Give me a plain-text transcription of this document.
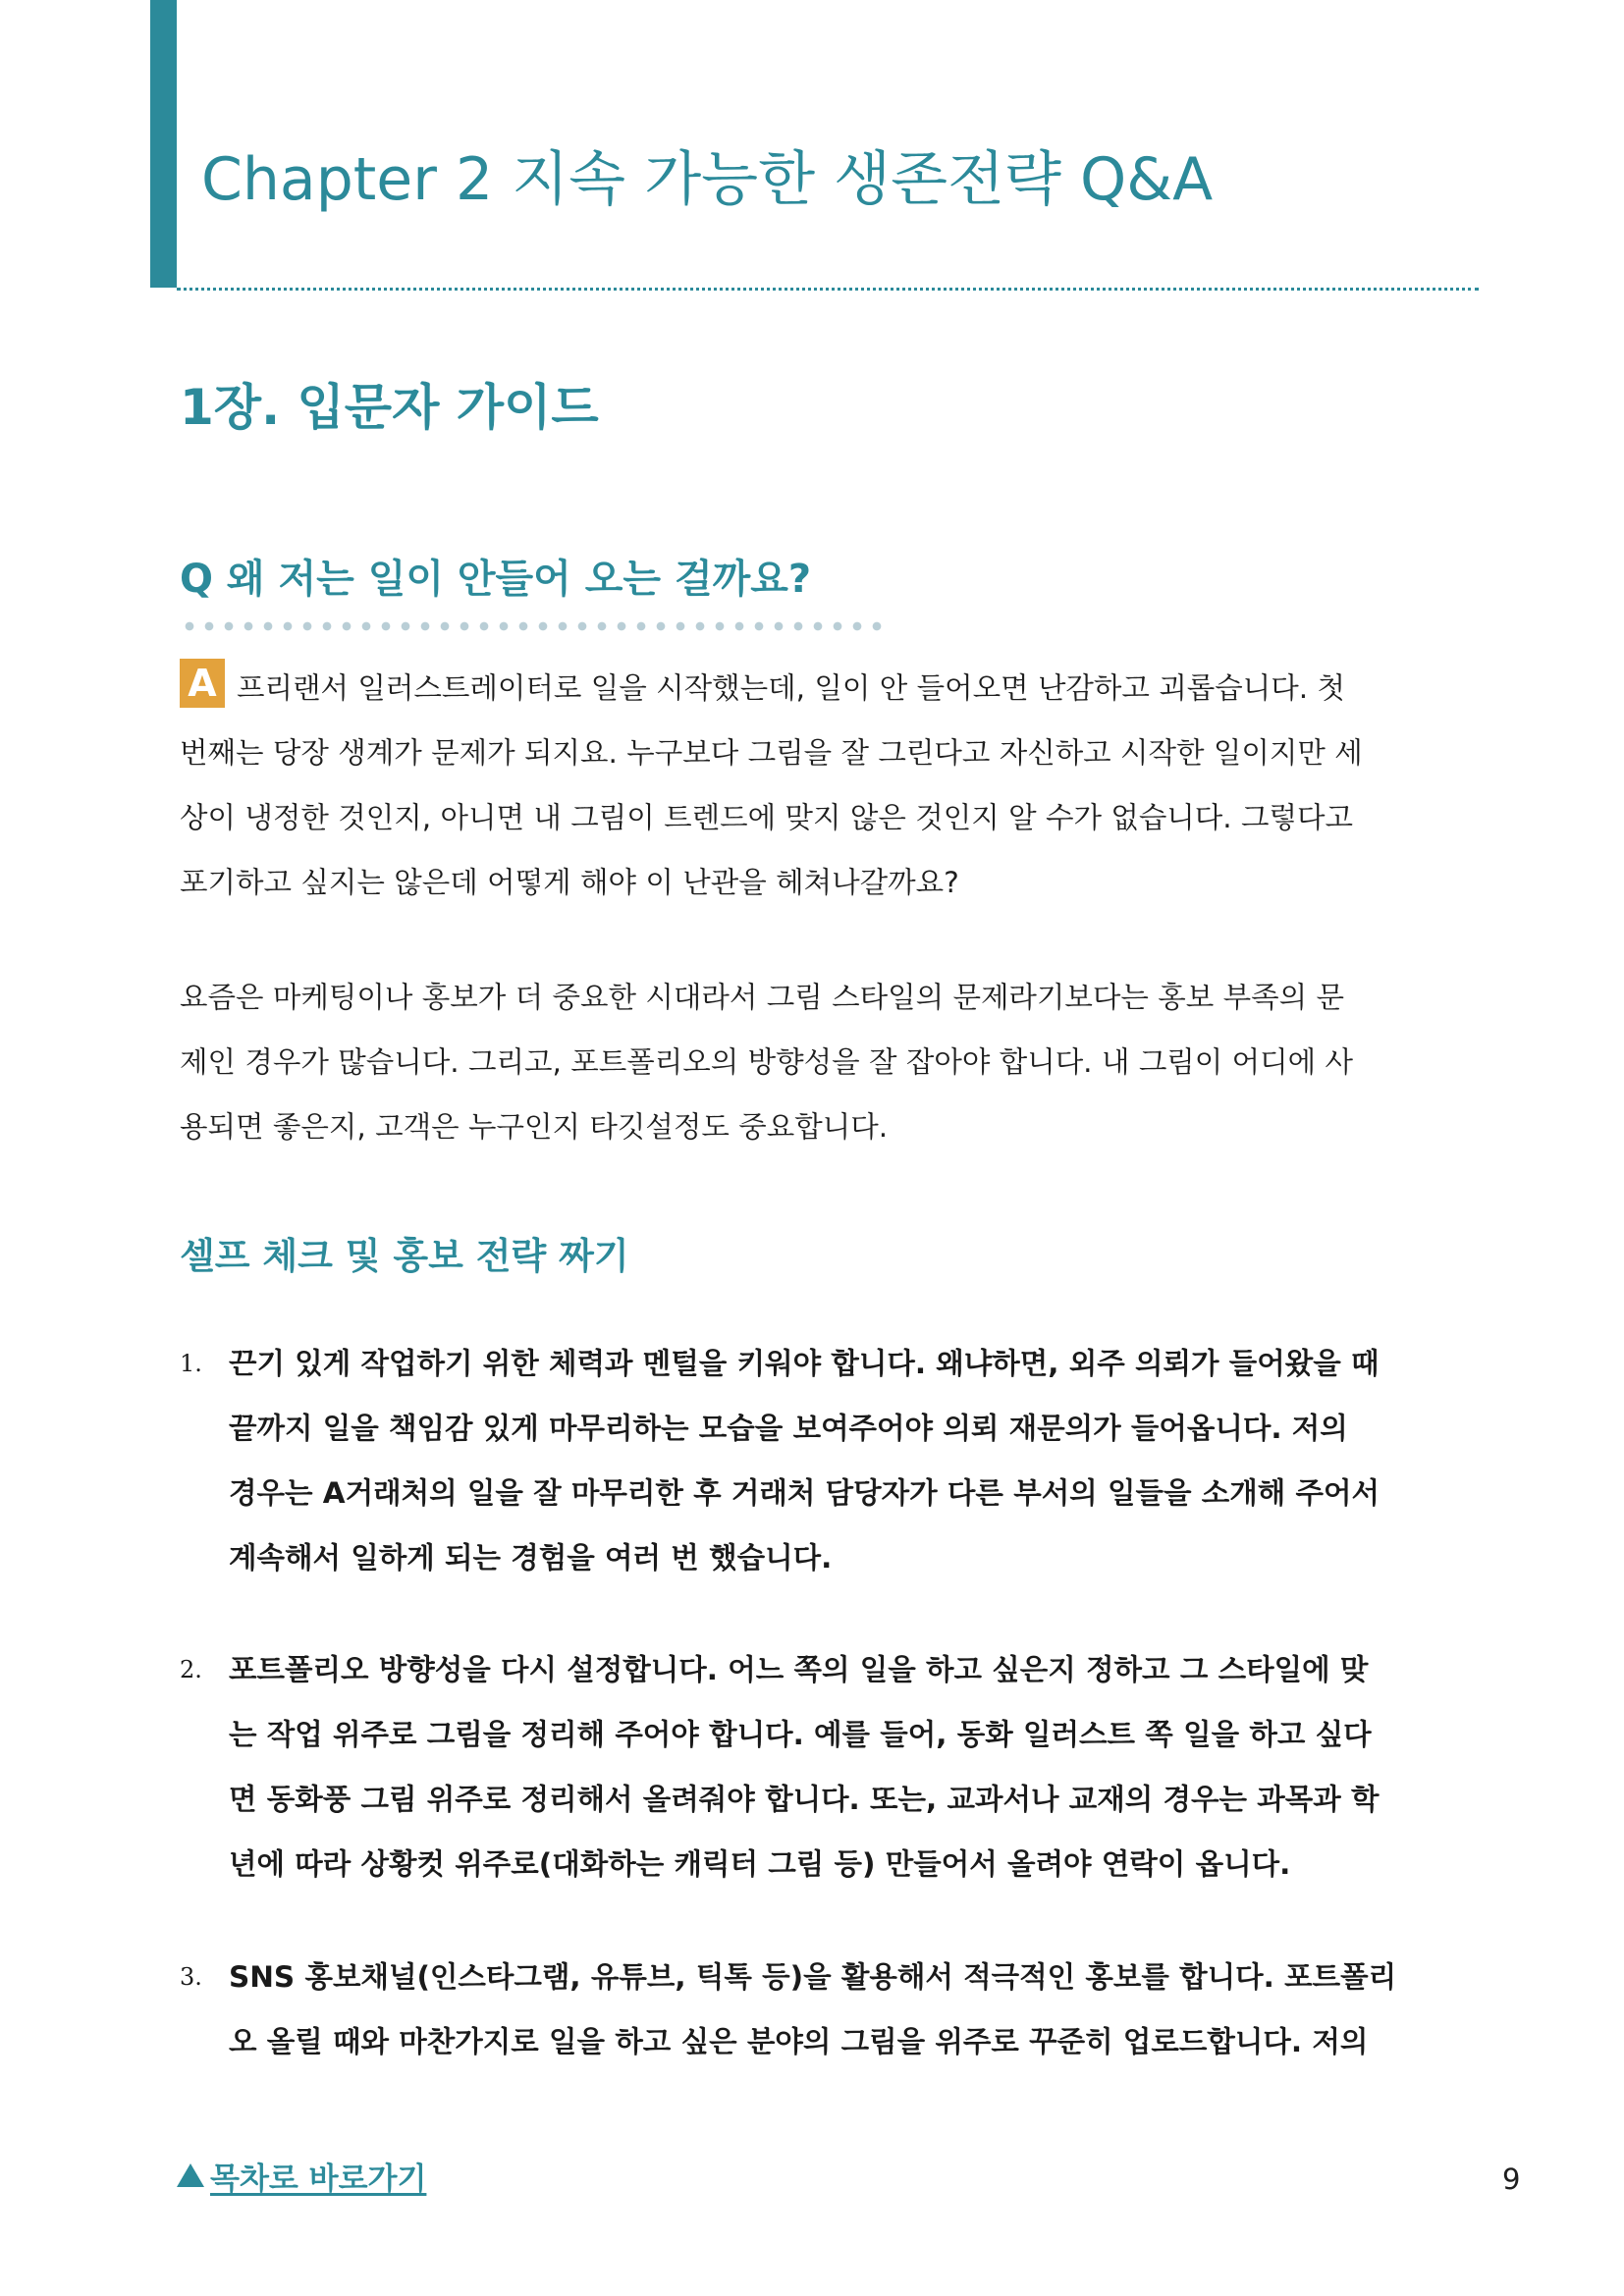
Chapter 2 지속 가능한 생존전략 Q&A
1장. 입문자 가이드
Q 왜 저는 일이 안들어 오는 걸까요?
A 프리랜서 일러스트레이터로 일을 시작했는데, 일이 안 들어오면 난감하고 괴롭습니다. 첫
번째는 당장 생계가 문제가 되지요. 누구보다 그림을 잘 그린다고 자신하고 시작한 일이지만 세
상이 냉정한 것인지, 아니면 내 그림이 트렌드에 맞지 않은 것인지 알 수가 없습니다. 그렇다고
포기하고 싶지는 않은데 어떻게 해야 이 난관을 헤쳐나갈까요?
요즘은 마케팅이나 홍보가 더 중요한 시대라서 그림 스타일의 문제라기보다는 홍보 부족의 문
제인 경우가 많습니다. 그리고, 포트폴리오의 방향성을 잘 잡아야 합니다. 내 그림이 어디에 사
용되면 좋은지, 고객은 누구인지 타깃설정도 중요합니다.
셀프 체크 및 홍보 전략 짜기
1. 끈기 있게 작업하기 위한 체력과 멘털을 키워야 합니다. 왜냐하면, 외주 의뢰가 들어왔을 때
끝까지 일을 책임감 있게 마무리하는 모습을 보여주어야 의뢰 재문의가 들어옵니다. 저의
경우는 A거래처의 일을 잘 마무리한 후 거래처 담당자가 다른 부서의 일들을 소개해 주어서
계속해서 일하게 되는 경험을 여러 번 했습니다.
2. 포트폴리오 방향성을 다시 설정합니다. 어느 쪽의 일을 하고 싶은지 정하고 그 스타일에 맞
는 작업 위주로 그림을 정리해 주어야 합니다. 예를 들어, 동화 일러스트 쪽 일을 하고 싶다
면 동화풍 그림 위주로 정리해서 올려줘야 합니다. 또는, 교과서나 교재의 경우는 과목과 학
년에 따라 상황컷 위주로(대화하는 캐릭터 그림 등) 만들어서 올려야 연락이 옵니다.
3. SNS 홍보채널(인스타그램, 유튜브, 틱톡 등)을 활용해서 적극적인 홍보를 합니다. 포트폴리
오 올릴 때와 마찬가지로 일을 하고 싶은 분야의 그림을 위주로 꾸준히 업로드합니다. 저의
목차로 바로가기	9
